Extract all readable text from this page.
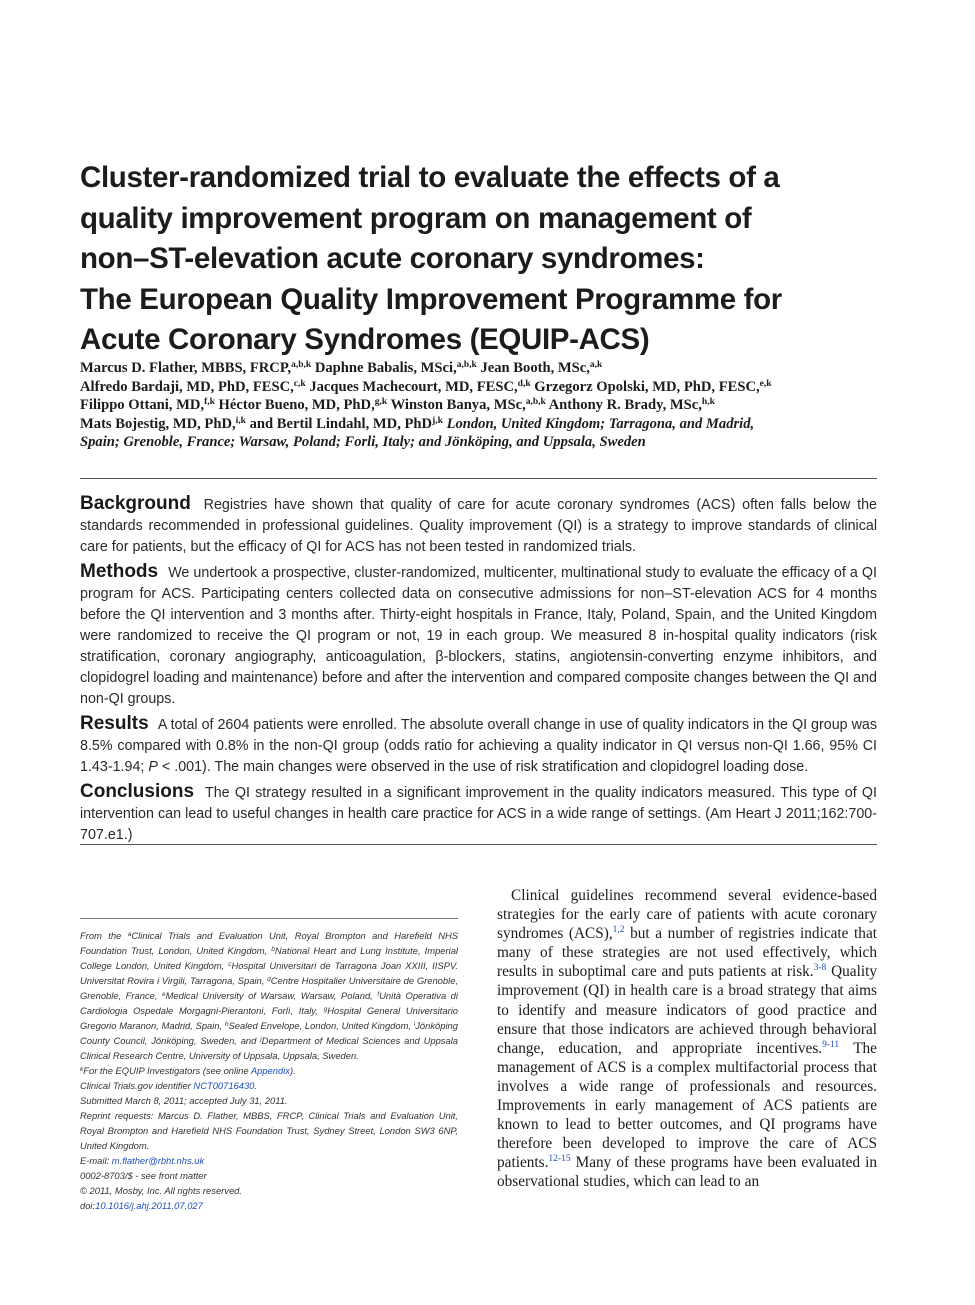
Cluster-randomized trial to evaluate the effects of a
quality improvement program on management of
non–ST-elevation acute coronary syndromes:
The European Quality Improvement Programme for
Acute Coronary Syndromes (EQUIP-ACS)
Marcus D. Flather, MBBS, FRCP,$^{a,b,k}$ Daphne Babalis, MSci,$^{a,b,k}$ Jean Booth, MSc,$^{a,k}$
Alfredo Bardaji, MD, PhD, FESC,$^{c,k}$ Jacques Machecourt, MD, FESC,$^{d,k}$ Grzegorz Opolski, MD, PhD, FESC,$^{e,k}$
Filippo Ottani, MD,$^{f,k}$ Héctor Bueno, MD, PhD,$^{g,k}$ Winston Banya, MSc,$^{a,b,k}$ Anthony R. Brady, MSc,$^{h,k}$
Mats Bojestig, MD, PhD,$^{i,k}$ and Bertil Lindahl, MD, PhD$^{j,k}$ London, United Kingdom; Tarragona, and Madrid,
Spain; Grenoble, France; Warsaw, Poland; Forli, Italy; and Jönköping, and Uppsala, Sweden

Background Registries have shown that quality of care for acute coronary syndromes (ACS) often falls below the standards recommended in professional guidelines. Quality improvement (QI) is a strategy to improve standards of clinical care for patients, but the efficacy of QI for ACS has not been tested in randomized trials.

Methods We undertook a prospective, cluster-randomized, multicenter, multinational study to evaluate the efficacy of a QI program for ACS. Participating centers collected data on consecutive admissions for non–ST-elevation ACS for 4 months before the QI intervention and 3 months after. Thirty-eight hospitals in France, Italy, Poland, Spain, and the United Kingdom were randomized to receive the QI program or not, 19 in each group. We measured 8 in-hospital quality indicators (risk stratification, coronary angiography, anticoagulation, β-blockers, statins, angiotensin-converting enzyme inhibitors, and clopidogrel loading and maintenance) before and after the intervention and compared composite changes between the QI and non-QI groups.

Results A total of 2604 patients were enrolled. The absolute overall change in use of quality indicators in the QI group was 8.5% compared with 0.8% in the non-QI group (odds ratio for achieving a quality indicator in QI versus non-QI 1.66, 95% CI 1.43-1.94; P < .001). The main changes were observed in the use of risk stratification and clopidogrel loading dose.

Conclusions The QI strategy resulted in a significant improvement in the quality indicators measured. This type of QI intervention can lead to useful changes in health care practice for ACS in a wide range of settings. (Am Heart J 2011;162:700-707.e1.)

From the $^a$Clinical Trials and Evaluation Unit, Royal Brompton and Harefield NHS Foundation Trust, London, United Kingdom, $^b$National Heart and Lung Institute, Imperial College London, United Kingdom, $^c$Hospital Universitari de Tarragona Joan XXIII, IISPV. Universitat Rovira i Virgili, Tarragona, Spain, $^d$Centre Hospitalier Universitaire de Grenoble, Grenoble, France, $^e$Medical University of Warsaw, Warsaw, Poland, $^f$Unità Operativa di Cardiologia Ospedale Morgagni-Pierantoni, Forlì, Italy, $^g$Hospital General Universitario Gregorio Maranon, Madrid, Spain, $^h$Sealed Envelope, London, United Kingdom, $^i$Jönköping County Council, Jönköping, Sweden, and $^j$Department of Medical Sciences and Uppsala Clinical Research Centre, University of Uppsala, Uppsala, Sweden.

$^k$For the EQUIP Investigators (see online Appendix).

Clinical Trials.gov identifier NCT00716430.

Submitted March 8, 2011; accepted July 31, 2011.

Reprint requests: Marcus D. Flather, MBBS, FRCP, Clinical Trials and Evaluation Unit, Royal Brompton and Harefield NHS Foundation Trust, Sydney Street, London SW3 6NP, United Kingdom.

E-mail: m.flather@rbht.nhs.uk

0002-8703/$ - see front matter

© 2011, Mosby, Inc. All rights reserved.

doi:10.1016/j.ahj.2011.07.027

Clinical guidelines recommend several evidence-based strategies for the early care of patients with acute coronary syndromes (ACS),$^{1,2}$ but a number of registries indicate that many of these strategies are not used effectively, which results in suboptimal care and puts patients at risk.$^{3-8}$ Quality improvement (QI) in health care is a broad strategy that aims to identify and measure indicators of good practice and ensure that those indicators are achieved through behavioral change, education, and appropriate incentives.$^{9-11}$ The management of ACS is a complex multifactorial process that involves a wide range of professionals and resources. Improvements in early management of ACS patients are known to lead to better outcomes, and QI programs have therefore been developed to improve the care of ACS patients.$^{12-15}$ Many of these programs have been evaluated in observational studies, which can lead to an
